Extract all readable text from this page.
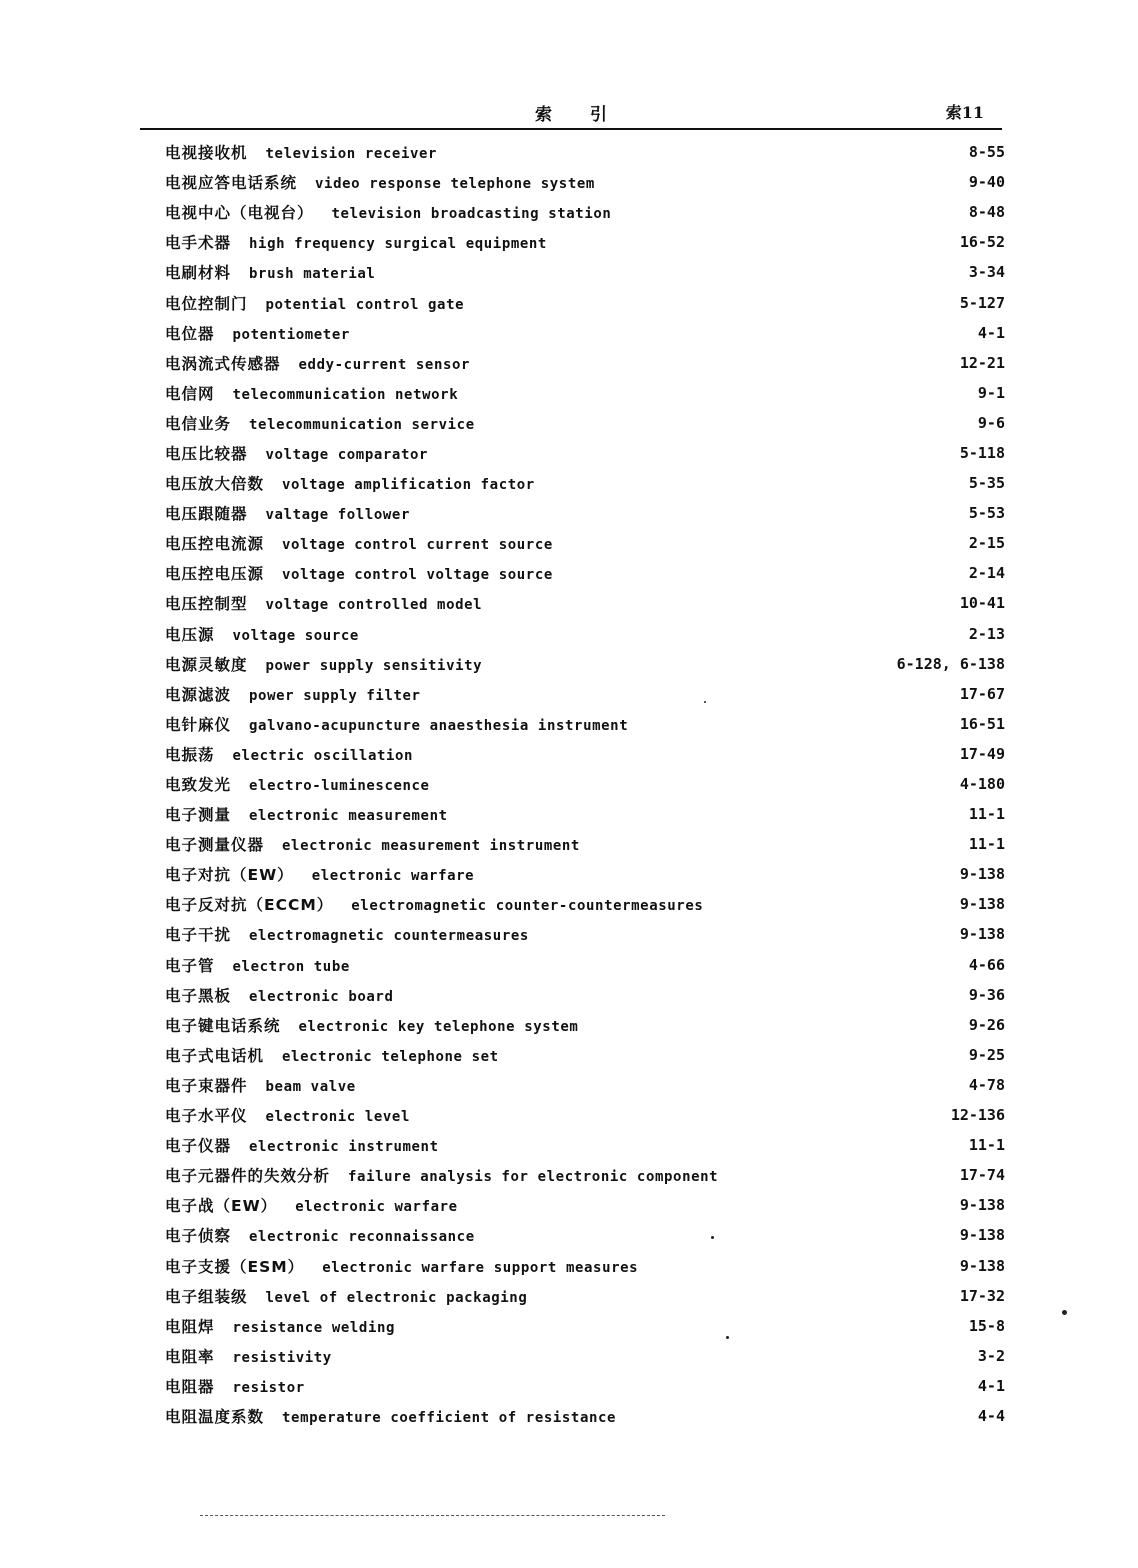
索引	索11
电视接收机 television receiver	8-55
电视应答电话系统 video response telephone system	9-40
电视中心（电视台） television broadcasting station	8-48
电手术器 high frequency surgical equipment	16-52
电刷材料 brush material	3-34
电位控制门 potential control gate	5-127
电位器 potentiometer	4-1
电涡流式传感器 eddy-current sensor	12-21
电信网 telecommunication network	9-1
电信业务 telecommunication service	9-6
电压比较器 voltage comparator	5-118
电压放大倍数 voltage amplification factor	5-35
电压跟随器 valtage follower	5-53
电压控电流源 voltage control current source	2-15
电压控电压源 voltage control voltage source	2-14
电压控制型 voltage controlled model	10-41
电压源 voltage source	2-13
电源灵敏度 power supply sensitivity	6-128, 6-138
电源滤波 power supply filter	17-67
电针麻仪 galvano-acupuncture anaesthesia instrument	16-51
电振荡 electric oscillation	17-49
电致发光 electro-luminescence	4-180
电子测量 electronic measurement	11-1
电子测量仪器 electronic measurement instrument	11-1
电子对抗（EW） electronic warfare	9-138
电子反对抗（ECCM） electromagnetic counter-countermeasures	9-138
电子干扰 electromagnetic countermeasures	9-138
电子管 electron tube	4-66
电子黑板 electronic board	9-36
电子键电话系统 electronic key telephone system	9-26
电子式电话机 electronic telephone set	9-25
电子束器件 beam valve	4-78
电子水平仪 electronic level	12-136
电子仪器 electronic instrument	11-1
电子元器件的失效分析 failure analysis for electronic component	17-74
电子战（EW） electronic warfare	9-138
电子侦察 electronic reconnaissance	9-138
电子支援（ESM） electronic warfare support measures	9-138
电子组装级 level of electronic packaging	17-32
电阻焊 resistance welding	15-8
电阻率 resistivity	3-2
电阻器 resistor	4-1
电阻温度系数 temperature coefficient of resistance	4-4
